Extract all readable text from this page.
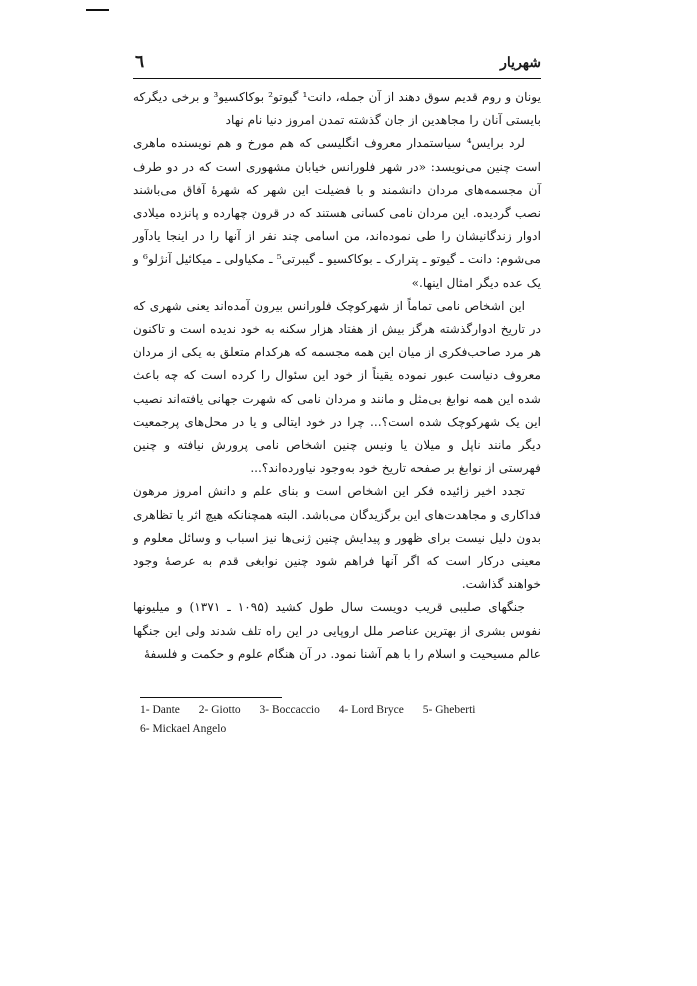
شهریار
٦

یونان و روم قدیم سوق دهند از آن جمله، دانت¹ گیوتو² بوکاکسیو³ و برخی دیگرکه بایستی آنان را مجاهدین از جان گذشته تمدن امروز دنیا نام نهاد

لرد برایس⁴ سیاستمدار معروف انگلیسی که هم مورخ و هم نویسنده ماهری است چنین می‌نویسد: «در شهر فلورانس خیابان مشهوری است که در دو طرف آن مجسمه‌های مردان دانشمند و با فضیلت این شهر که شهرهٔ آفاق می‌باشند نصب گردیده. این مردان نامی کسانی هستند که در قرون چهارده و پانزده میلادی ادوار زندگانیشان را طی نموده‌اند، من اسامی چند نفر از آنها را در اینجا یادآور می‌شوم: دانت ـ گیوتو ـ پترارک ـ بوکاکسیو ـ گیبرتی⁵ ـ مکیاولی ـ میکائیل آنژلو⁶ و یک عده دیگر امثال اینها.»

این اشخاص نامی تماماً از شهرکوچک فلورانس بیرون آمده‌اند یعنی شهری که در تاریخ ادوارگذشته هرگز بیش از هفتاد هزار سکنه به خود ندیده است و تاکنون هر مرد صاحب‌فکری از میان این همه مجسمه که هرکدام متعلق به یکی از مردان معروف دنیاست عبور نموده یقیناً از خود این سئوال را کرده است که چه باعث شده این همه نوابغ بی‌مثل و مانند و مردان نامی که شهرت جهانی یافته‌اند نصیب این یک شهرکوچک شده است؟... چرا در خود ایتالی و یا در محل‌های پرجمعیت دیگر مانند ناپل و میلان یا ونیس چنین اشخاص نامی پرورش نیافته و چنین فهرستی از نوابغ بر صفحه تاریخ خود به‌وجود نیاورده‌اند؟...

تجدد اخیر زائیده فکر این اشخاص است و بنای علم و دانش امروز مرهون فداکاری و مجاهدت‌های این برگزیدگان می‌باشد. البته همچنانکه هیچ اثر یا تظاهری بدون دلیل نیست برای ظهور و پیدایش چنین ژنی‌ها نیز اسباب و وسائل معلوم و معینی درکار است که اگر آنها فراهم شود چنین نوابغی قدم به عرصهٔ وجود خواهند گذاشت.

جنگهای صلیبی قریب دویست سال طول کشید (۱۰۹۵ ـ ۱۳۷۱) و میلیونها نفوس بشری از بهترین عناصر ملل اروپایی در این راه تلف شدند ولی این جنگها عالم مسیحیت و اسلام را با هم آشنا نمود. در آن هنگام علوم و حکمت و فلسفهٔ

1- Dante 2- Giotto 3- Boccaccio 4- Lord Bryce 5- Gheberti
6- Mickael Angelo
